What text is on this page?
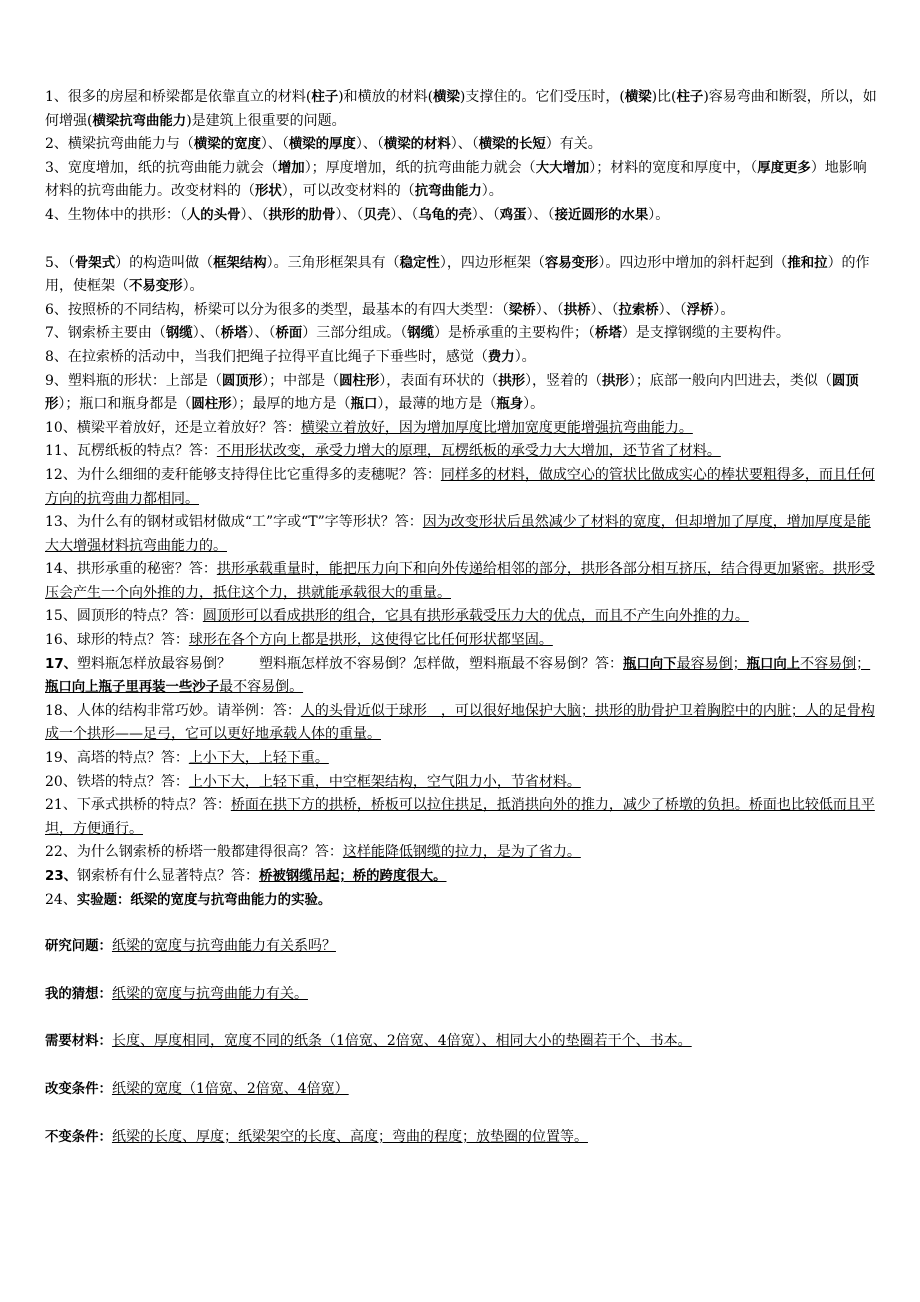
1、很多的房屋和桥梁都是依靠直立的材料(柱子)和横放的材料(横梁)支撑住的。它们受压时，(横梁)比(柱子)容易弯曲和断裂，所以，如何增强(横梁抗弯曲能力)是建筑上很重要的问题。

2、横梁抗弯曲能力与（横梁的宽度）、（横梁的厚度）、（横梁的材料）、（横梁的长短）有关。

3、宽度增加，纸的抗弯曲能力就会（增加）；厚度增加，纸的抗弯曲能力就会（大大增加）；材料的宽度和厚度中，（厚度更多）地影响材料的抗弯曲能力。改变材料的（形状），可以改变材料的（抗弯曲能力）。

4、生物体中的拱形：（人的头骨）、（拱形的肋骨）、（贝壳）、（乌龟的壳）、（鸡蛋）、（接近圆形的水果）。

5、（骨架式）的构造叫做（框架结构）。三角形框架具有（稳定性），四边形框架（容易变形）。四边形中增加的斜杆起到（推和拉）的作用，使框架（不易变形）。

6、按照桥的不同结构，桥梁可以分为很多的类型，最基本的有四大类型：（梁桥）、（拱桥）、（拉索桥）、（浮桥）。

7、钢索桥主要由（钢缆）、（桥塔）、（桥面）三部分组成。（钢缆）是桥承重的主要构件；（桥塔）是支撑钢缆的主要构件。

8、在拉索桥的活动中，当我们把绳子拉得平直比绳子下垂些时，感觉（费力）。

9、塑料瓶的形状：上部是（圆顶形）；中部是（圆柱形），表面有环状的（拱形），竖着的（拱形）；底部一般向内凹进去，类似（圆顶形）；瓶口和瓶身都是（圆柱形）；最厚的地方是（瓶口），最薄的地方是（瓶身）。

10、横梁平着放好，还是立着放好？答：横梁立着放好，因为增加厚度比增加宽度更能增强抗弯曲能力。

11、瓦楞纸板的特点？答：不用形状改变，承受力增大的原理，瓦楞纸板的承受力大大增加，还节省了材料。

12、为什么细细的麦秆能够支持得住比它重得多的麦穗呢？答：同样多的材料，做成空心的管状比做成实心的棒状要粗得多，而且任何方向的抗弯曲力都相同。

13、为什么有的钢材或铝材做成“工”字或“T”字等形状？答：因为改变形状后虽然减少了材料的宽度，但却增加了厚度，增加厚度是能大大增强材料抗弯曲能力的。

14、拱形承重的秘密？答：拱形承载重量时，能把压力向下和向外传递给相邻的部分，拱形各部分相互挤压，结合得更加紧密。拱形受压会产生一个向外推的力，抵住这个力，拱就能承载很大的重量。

15、圆顶形的特点？答：圆顶形可以看成拱形的组合，它具有拱形承载受压力大的优点，而且不产生向外推的力。

16、球形的特点？答：球形在各个方向上都是拱形，这使得它比任何形状都坚固。

17、塑料瓶怎样放最容易倒？　　塑料瓶怎样放不容易倒？怎样做，塑料瓶最不容易倒？答：瓶口向下最容易倒；瓶口向上不容易倒；瓶口向上瓶子里再装一些沙子最不容易倒。

18、人体的结构非常巧妙。请举例：答：人的头骨近似于球形　，可以很好地保护大脑；拱形的肋骨护卫着胸腔中的内脏；人的足骨构成一个拱形——足弓，它可以更好地承载人体的重量。

19、高塔的特点？答：上小下大，上轻下重。

20、铁塔的特点？答：上小下大，上轻下重，中空框架结构，空气阻力小，节省材料。

21、下承式拱桥的特点？答：桥面在拱下方的拱桥，桥板可以拉住拱足，抵消拱向外的推力，减少了桥墩的负担。桥面也比较低而且平坦，方便通行。

22、为什么钢索桥的桥塔一般都建得很高？答：这样能降低钢缆的拉力，是为了省力。

23、钢索桥有什么显著特点？答：桥被钢缆吊起；桥的跨度很大。

24、实验题：纸梁的宽度与抗弯曲能力的实验。

研究问题：纸梁的宽度与抗弯曲能力有关系吗？

我的猜想：纸梁的宽度与抗弯曲能力有关。

需要材料：长度、厚度相同，宽度不同的纸条（1倍宽、2倍宽、4倍宽）、相同大小的垫圈若干个、书本。

改变条件：纸梁的宽度（1倍宽、2倍宽、4倍宽）

不变条件：纸梁的长度、厚度；纸梁架空的长度、高度；弯曲的程度；放垫圈的位置等。
